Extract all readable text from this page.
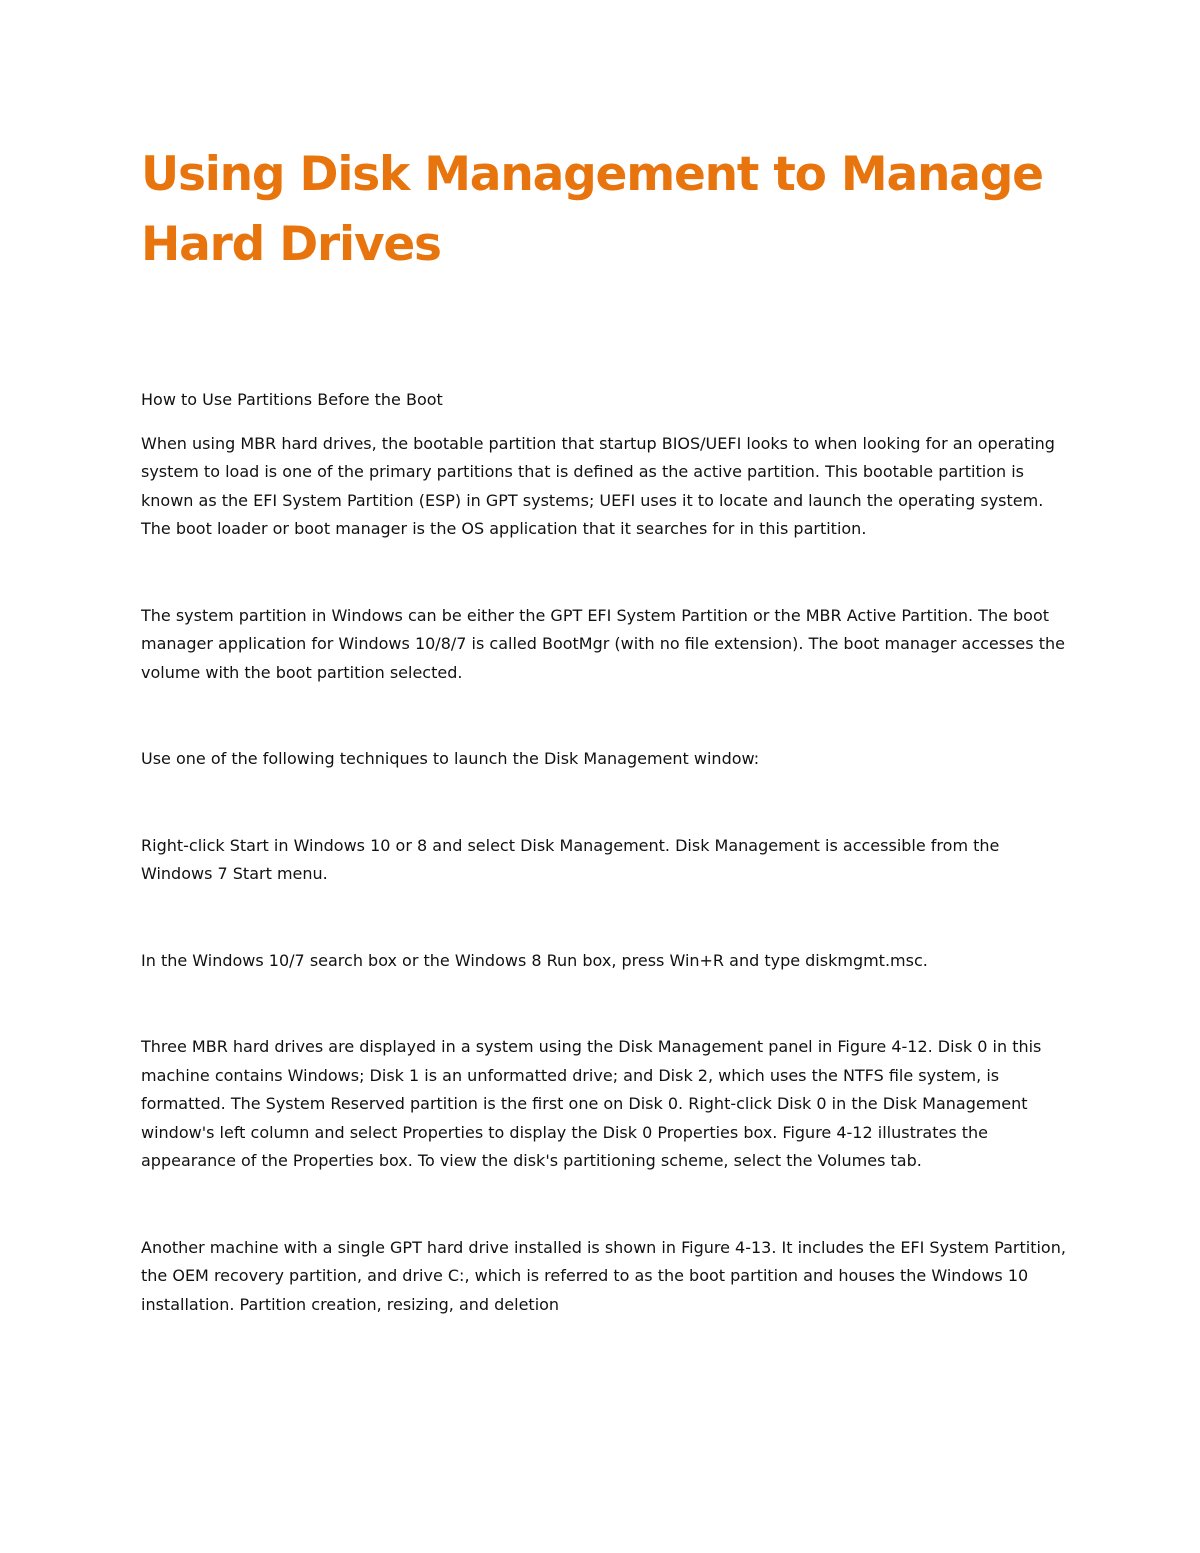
Using Disk Management to Manage Hard Drives

How to Use Partitions Before the Boot

When using MBR hard drives, the bootable partition that startup BIOS/UEFI looks to when looking for an operating system to load is one of the primary partitions that is defined as the active partition. This bootable partition is known as the EFI System Partition (ESP) in GPT systems; UEFI uses it to locate and launch the operating system. The boot loader or boot manager is the OS application that it searches for in this partition.

The system partition in Windows can be either the GPT EFI System Partition or the MBR Active Partition. The boot manager application for Windows 10/8/7 is called BootMgr (with no file extension). The boot manager accesses the volume with the boot partition selected.

Use one of the following techniques to launch the Disk Management window:

Right-click Start in Windows 10 or 8 and select Disk Management. Disk Management is accessible from the Windows 7 Start menu.

In the Windows 10/7 search box or the Windows 8 Run box, press Win+R and type diskmgmt.msc.

Three MBR hard drives are displayed in a system using the Disk Management panel in Figure 4-12. Disk 0 in this machine contains Windows; Disk 1 is an unformatted drive; and Disk 2, which uses the NTFS file system, is formatted. The System Reserved partition is the first one on Disk 0. Right-click Disk 0 in the Disk Management window's left column and select Properties to display the Disk 0 Properties box. Figure 4-12 illustrates the appearance of the Properties box. To view the disk's partitioning scheme, select the Volumes tab.

Another machine with a single GPT hard drive installed is shown in Figure 4-13. It includes the EFI System Partition, the OEM recovery partition, and drive C:, which is referred to as the boot partition and houses the Windows 10 installation. Partition creation, resizing, and deletion
